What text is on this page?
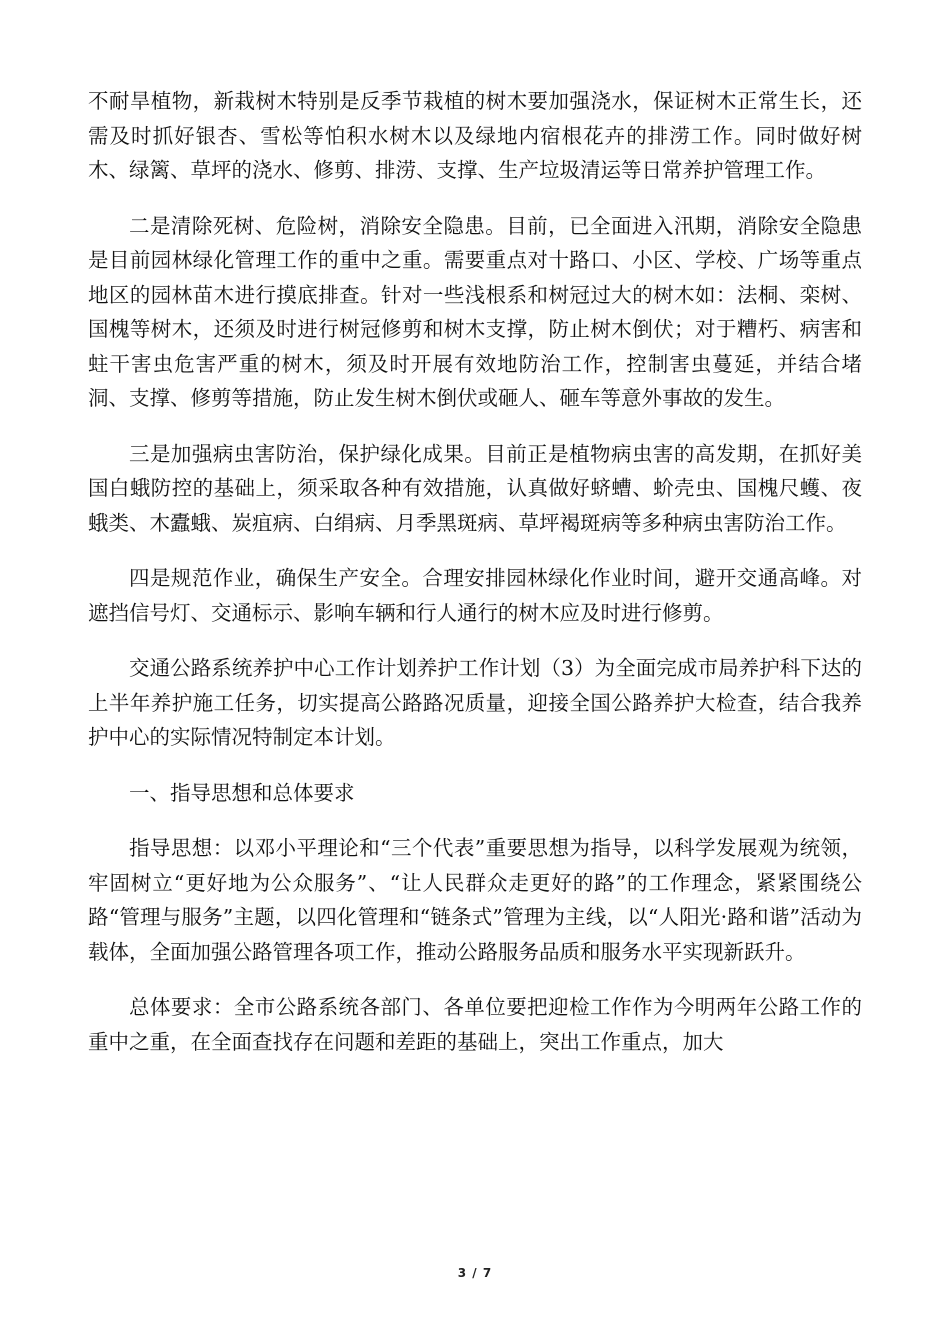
不耐旱植物，新栽树木特别是反季节栽植的树木要加强浇水，保证树木正常生长，还需及时抓好银杏、雪松等怕积水树木以及绿地内宿根花卉的排涝工作。同时做好树木、绿篱、草坪的浇水、修剪、排涝、支撑、生产垃圾清运等日常养护管理工作。

二是清除死树、危险树，消除安全隐患。目前，已全面进入汛期，消除安全隐患是目前园林绿化管理工作的重中之重。需要重点对十路口、小区、学校、广场等重点地区的园林苗木进行摸底排查。针对一些浅根系和树冠过大的树木如：法桐、栾树、国槐等树木，还须及时进行树冠修剪和树木支撑，防止树木倒伏；对于糟朽、病害和蛀干害虫危害严重的树木，须及时开展有效地防治工作，控制害虫蔓延，并结合堵洞、支撑、修剪等措施，防止发生树木倒伏或砸人、砸车等意外事故的发生。

三是加强病虫害防治，保护绿化成果。目前正是植物病虫害的高发期，在抓好美国白蛾防控的基础上，须采取各种有效措施，认真做好蛴螬、蚧壳虫、国槐尺蠖、夜蛾类、木蠹蛾、炭疽病、白绢病、月季黑斑病、草坪褐斑病等多种病虫害防治工作。

四是规范作业，确保生产安全。合理安排园林绿化作业时间，避开交通高峰。对遮挡信号灯、交通标示、影响车辆和行人通行的树木应及时进行修剪。

交通公路系统养护中心工作计划养护工作计划（3）为全面完成市局养护科下达的上半年养护施工任务，切实提高公路路况质量，迎接全国公路养护大检查，结合我养护中心的实际情况特制定本计划。

一、指导思想和总体要求

指导思想：以邓小平理论和“三个代表”重要思想为指导，以科学发展观为统领，牢固树立“更好地为公众服务”、“让人民群众走更好的路”的工作理念，紧紧围绕公路“管理与服务”主题，以四化管理和“链条式”管理为主线，以“人阳光·路和谐”活动为载体，全面加强公路管理各项工作，推动公路服务品质和服务水平实现新跃升。

总体要求：全市公路系统各部门、各单位要把迎检工作作为今明两年公路工作的重中之重，在全面查找存在问题和差距的基础上，突出工作重点，加大

3 / 7
